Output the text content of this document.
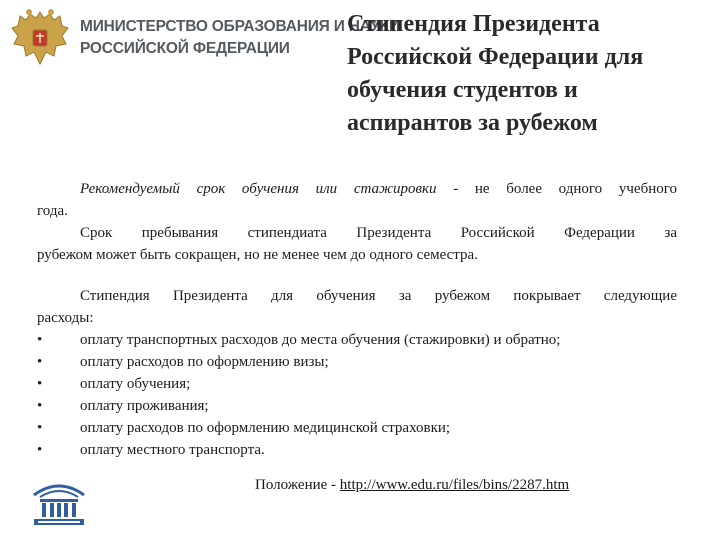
МИНИСТЕРСТВО ОБРАЗОВАНИЯ И НАУКИ
РОССИЙСКОЙ ФЕДЕРАЦИИ
Стипендия Президента
Российской Федерации для
обучения студентов и
аспирантов за рубежом
Рекомендуемый срок обучения или стажировки - не более одного учебного
года.
Срок пребывания стипендиата Президента Российской Федерации за
рубежом может быть сокращен, но не менее чем до одного семестра.
Стипендия Президента для обучения за рубежом покрывает следующие
расходы:
•	оплату транспортных расходов до места обучения (стажировки) и обратно;
•	оплату расходов по оформлению визы;
•	оплату обучения;
•	оплату проживания;
•	оплату расходов по оформлению медицинской страховки;
•	оплату местного транспорта.
Положение - http://www.edu.ru/files/bins/2287.htm
